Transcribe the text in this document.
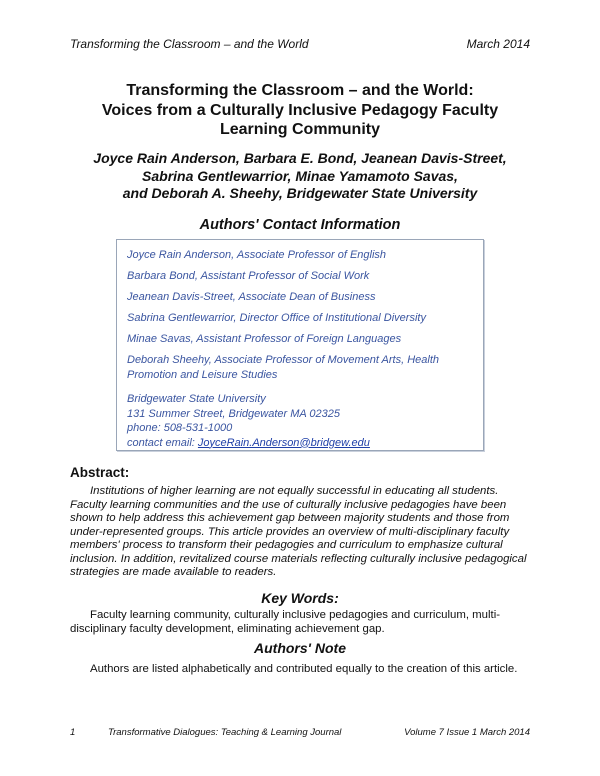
Transforming the Classroom – and the World	March 2014
Transforming the Classroom – and the World:
Voices from a Culturally Inclusive Pedagogy Faculty
Learning Community
Joyce Rain Anderson, Barbara E. Bond, Jeanean Davis-Street,
Sabrina Gentlewarrior, Minae Yamamoto Savas,
and Deborah A. Sheehy, Bridgewater State University
Authors' Contact Information

Joyce Rain Anderson, Associate Professor of English

Barbara Bond, Assistant Professor of Social Work

Jeanean Davis-Street, Associate Dean of Business

Sabrina Gentlewarrior, Director Office of Institutional Diversity

Minae Savas, Assistant Professor of Foreign Languages

Deborah Sheehy, Associate Professor of Movement Arts, Health Promotion and Leisure Studies

Bridgewater State University
131 Summer Street, Bridgewater MA 02325
phone: 508-531-1000
contact email: JoyceRain.Anderson@bridgew.edu
Abstract:
Institutions of higher learning are not equally successful in educating all students. Faculty learning communities and the use of culturally inclusive pedagogies have been shown to help address this achievement gap between majority students and those from under-represented groups. This article provides an overview of multi-disciplinary faculty members' process to transform their pedagogies and curriculum to emphasize cultural inclusion. In addition, revitalized course materials reflecting culturally inclusive pedagogical strategies are made available to readers.
Key Words:
Faculty learning community, culturally inclusive pedagogies and curriculum, multi-disciplinary faculty development, eliminating achievement gap.
Authors' Note
Authors are listed alphabetically and contributed equally to the creation of this article.
1	Transformative Dialogues: Teaching & Learning Journal	Volume 7 Issue 1 March 2014
